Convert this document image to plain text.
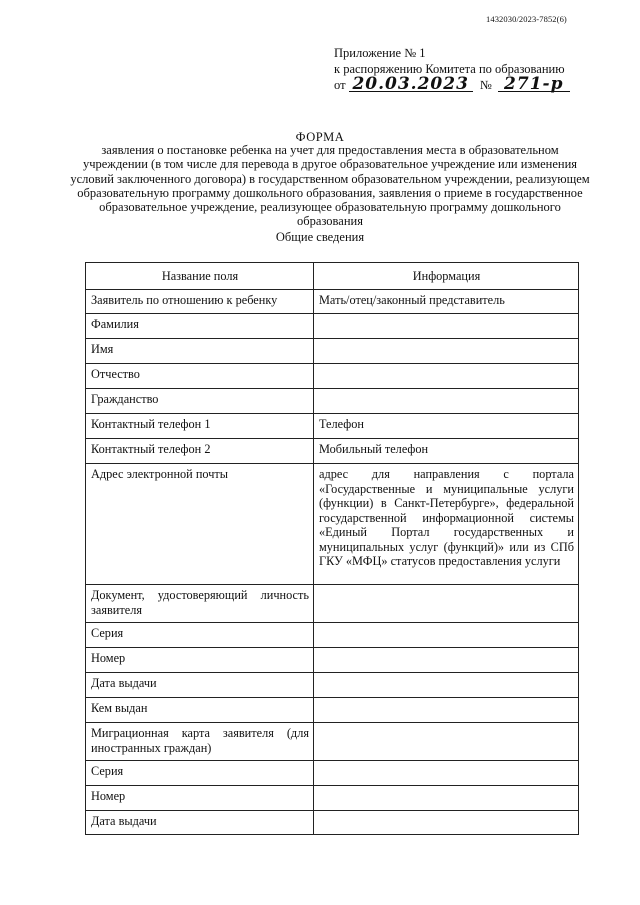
1432030/2023-7852(6)
Приложение № 1
к распоряжению Комитета по образованию
от 20.03.2023 № 271-р
ФОРМА
заявления о постановке ребенка на учет для предоставления места в образовательном учреждении (в том числе для перевода в другое образовательное учреждение или изменения условий заключенного договора) в государственном образовательном учреждении, реализующем образовательную программу дошкольного образования, заявления о приеме в государственное образовательное учреждение, реализующее образовательную программу дошкольного образования
Общие сведения
Название поля	Информация
Заявитель по отношению к ребенку	Мать/отец/законный представитель
Фамилия	
Имя	
Отчество	
Гражданство	
Контактный телефон 1	Телефон
Контактный телефон 2	Мобильный телефон
Адрес электронной почты	адрес для направления с портала «Государственные и муниципальные услуги (функции) в Санкт-Петербурге», федеральной государственной информационной системы «Единый Портал государственных и муниципальных услуг (функций)» или из СПб ГКУ «МФЦ» статусов предоставления услуги
Документ, удостоверяющий личность заявителя	
Серия	
Номер	
Дата выдачи	
Кем выдан	
Миграционная карта заявителя (для иностранных граждан)	
Серия	
Номер	
Дата выдачи	
